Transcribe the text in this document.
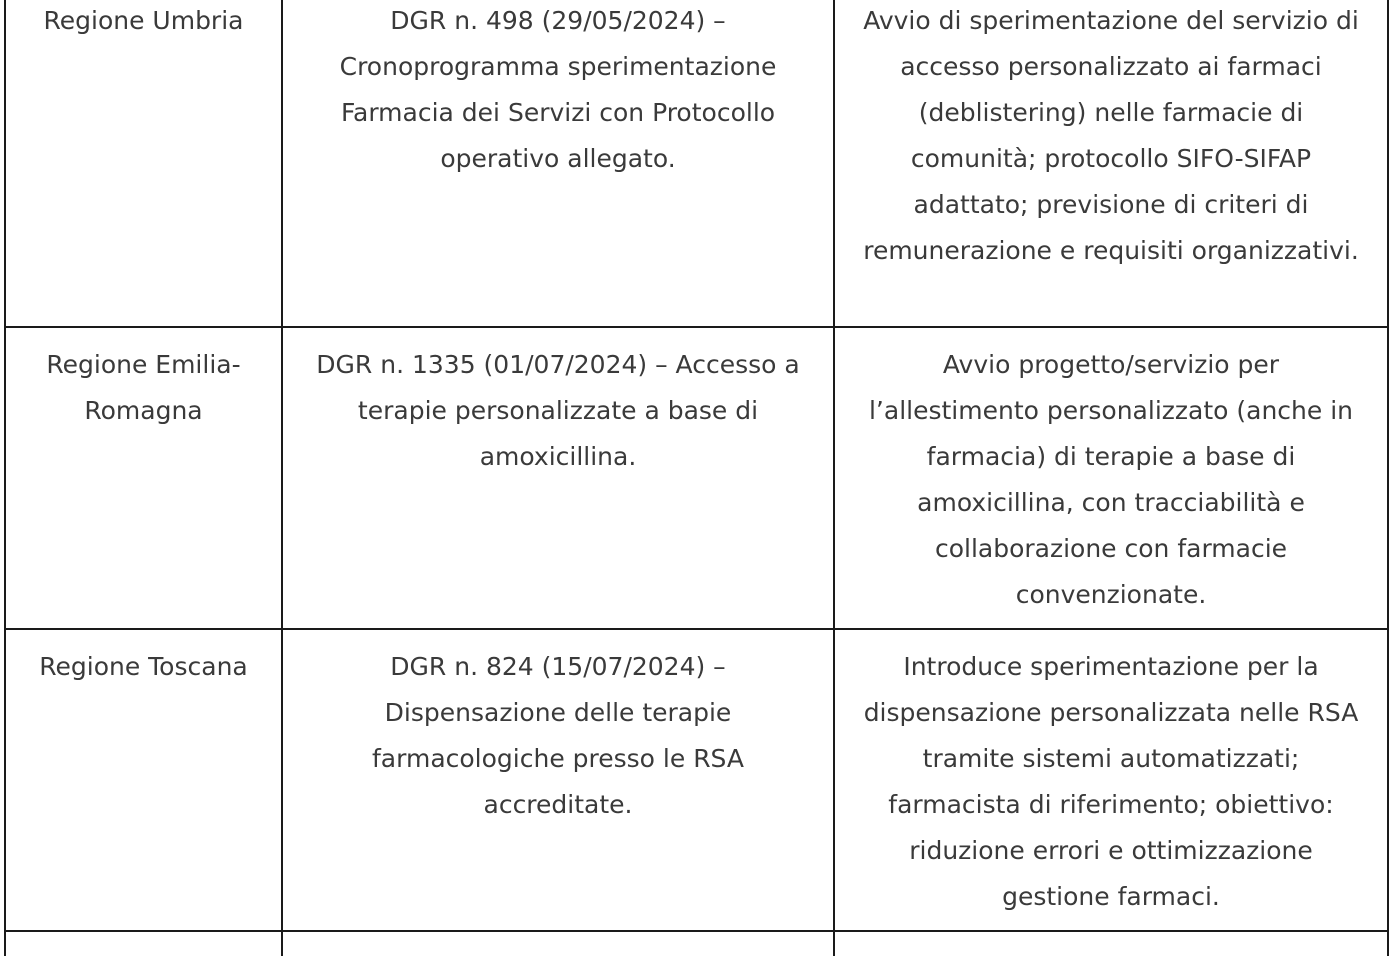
Regione Umbria	DGR n. 498 (29/05/2024) – Cronoprogramma sperimentazione Farmacia dei Servizi con Protocollo operativo allegato.	Avvio di sperimentazione del servizio di accesso personalizzato ai farmaci (deblistering) nelle farmacie di comunità; protocollo SIFO-SIFAP adattato; previsione di criteri di remunerazione e requisiti organizzativi.
Regione Emilia-Romagna	DGR n. 1335 (01/07/2024) – Accesso a terapie personalizzate a base di amoxicillina.	Avvio progetto/servizio per l’allestimento personalizzato (anche in farmacia) di terapie a base di amoxicillina, con tracciabilità e collaborazione con farmacie convenzionate.
Regione Toscana	DGR n. 824 (15/07/2024) – Dispensazione delle terapie farmacologiche presso le RSA accreditate.	Introduce sperimentazione per la dispensazione personalizzata nelle RSA tramite sistemi automatizzati; farmacista di riferimento; obiettivo: riduzione errori e ottimizzazione gestione farmaci.
